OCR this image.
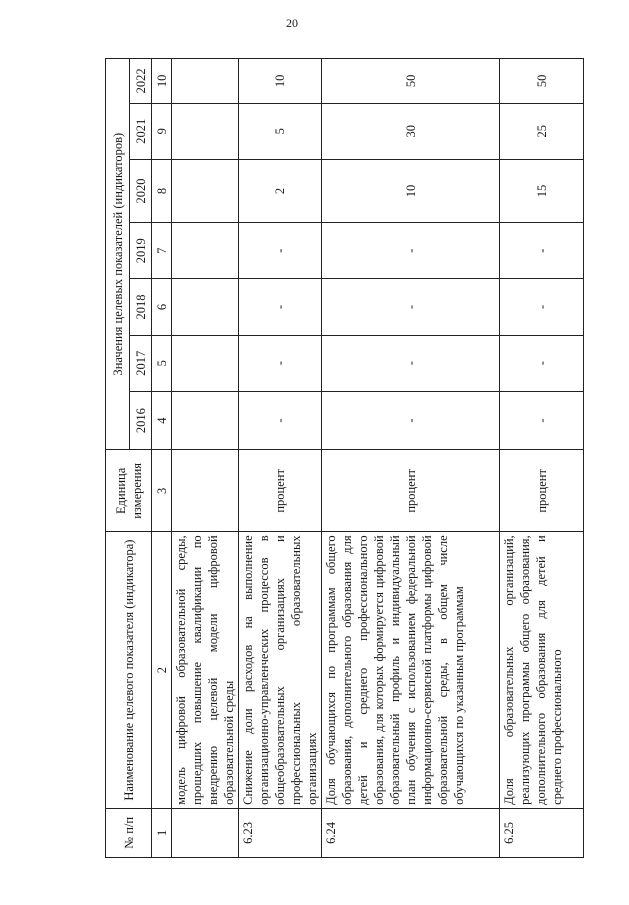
20
№ п/п	Наименование целевого показателя (индикатора)	Единица измерения	Значения целевых показателей (индикаторов)						
			2016	2017	2018	2019	2020	2021	2022
1	2	3	4	5	6	7	8	9	10
	модель цифровой образовательной среды, прошедших повышение квалификации по внедрению целевой модели цифровой образовательной среды								
6.23	Снижение доли расходов на выполнение организационно-управленческих процессов в общеобразовательных организациях и профессиональных образовательных организациях	процент	-	-	-	-	2	5	10
6.24	Доля обучающихся по программам общего образования, дополнительного образования для детей и среднего профессионального образования, для которых формируется цифровой образовательный профиль и индивидуальный план обучения с использованием федеральной информационно-сервисной платформы цифровой образовательной среды, в общем числе обучающихся по указанным программам	процент	-	-	-	-	10	30	50
6.25	Доля образовательных организаций, реализующих программы общего образования, дополнительного образования для детей и среднего профессионального	процент	-	-	-	-	15	25	50
